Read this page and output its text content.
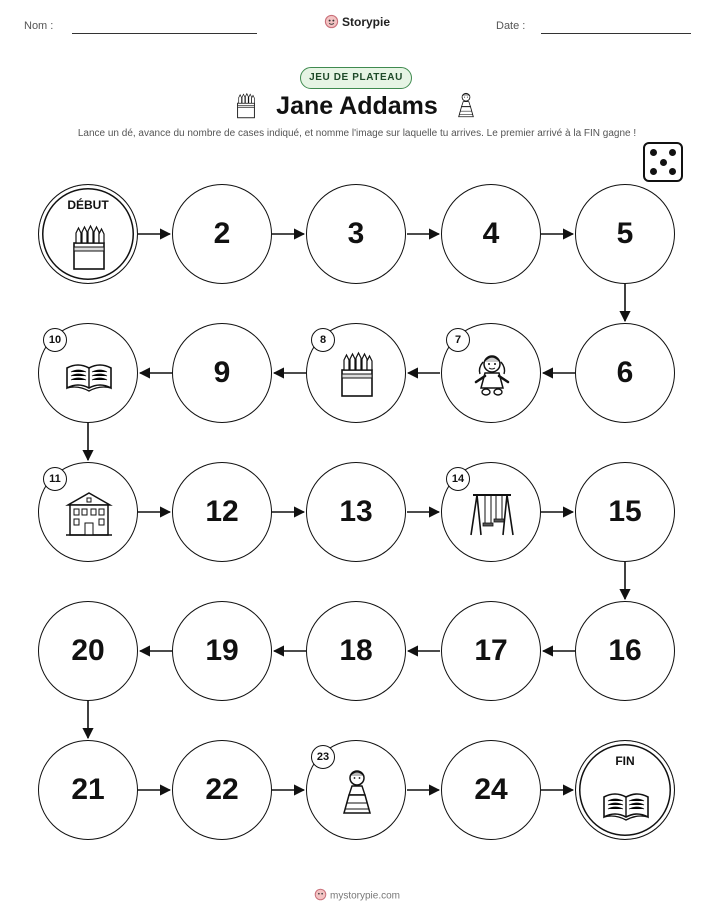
Nom :	Storypie	Date :
JEU DE PLATEAU
Jane Addams
Lance un dé, avance du nombre de cases indiqué, et nomme l'image sur laquelle tu arrives. Le premier arrivé à la FIN gagne !
DÉBUT
2	3	4	5
10
9
8	7
6
11
12	13
14
15
20	19	18	17	16
21	22
23
24
FIN
mystorypie.com
